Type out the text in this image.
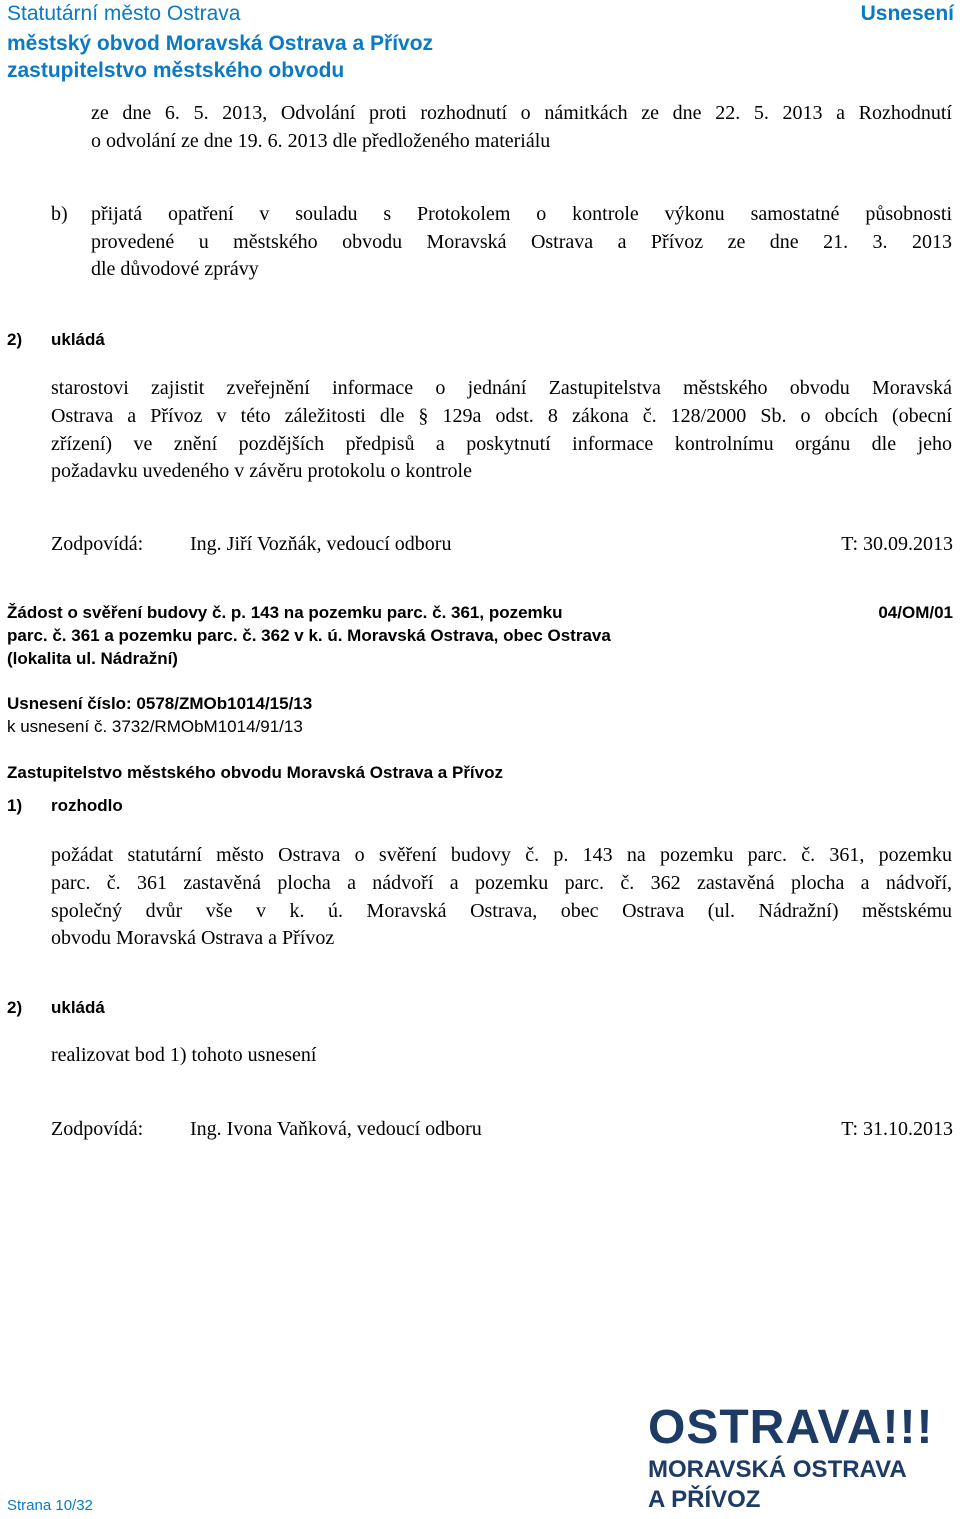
Statutární město Ostrava
městský obvod Moravská Ostrava a Přívoz
zastupitelstvo městského obvodu
Usnesení
ze dne 6. 5. 2013, Odvolání proti rozhodnutí o námitkách ze dne 22. 5. 2013 a Rozhodnutí
o odvolání ze dne 19. 6. 2013 dle předloženého materiálu
b) přijatá opatření v souladu s Protokolem o kontrole výkonu samostatné působnosti
provedené u městského obvodu Moravská Ostrava a Přívoz ze dne 21. 3. 2013
dle důvodové zprávy
2) ukládá
starostovi zajistit zveřejnění informace o jednání Zastupitelstva městského obvodu Moravská
Ostrava a Přívoz v této záležitosti dle § 129a odst. 8 zákona č. 128/2000 Sb. o obcích (obecní
zřízení) ve znění pozdějších předpisů a poskytnutí informace kontrolnímu orgánu dle jeho
požadavku uvedeného v závěru protokolu o kontrole
Zodpovídá: Ing. Jiří Vozňák, vedoucí odboru	T: 30.09.2013
Žádost o svěření budovy č. p. 143 na pozemku parc. č. 361, pozemku
parc. č. 361 a pozemku parc. č. 362 v k. ú. Moravská Ostrava, obec Ostrava
(lokalita ul. Nádražní)
04/OM/01
Usnesení číslo: 0578/ZMOb1014/15/13
k usnesení č. 3732/RMObM1014/91/13
Zastupitelstvo městského obvodu Moravská Ostrava a Přívoz
1) rozhodlo
požádat statutární město Ostrava o svěření budovy č. p. 143 na pozemku parc. č. 361, pozemku
parc. č. 361 zastavěná plocha a nádvoří a pozemku parc. č. 362 zastavěná plocha a nádvoří,
společný dvůr vše v k. ú. Moravská Ostrava, obec Ostrava (ul. Nádražní) městskému
obvodu Moravská Ostrava a Přívoz
2) ukládá
realizovat bod 1) tohoto usnesení
Zodpovídá: Ing. Ivona Vaňková, vedoucí odboru	T: 31.10.2013
OSTRAVA!!!
MORAVSKÁ OSTRAVA
A PŘÍVOZ
Strana 10/32
